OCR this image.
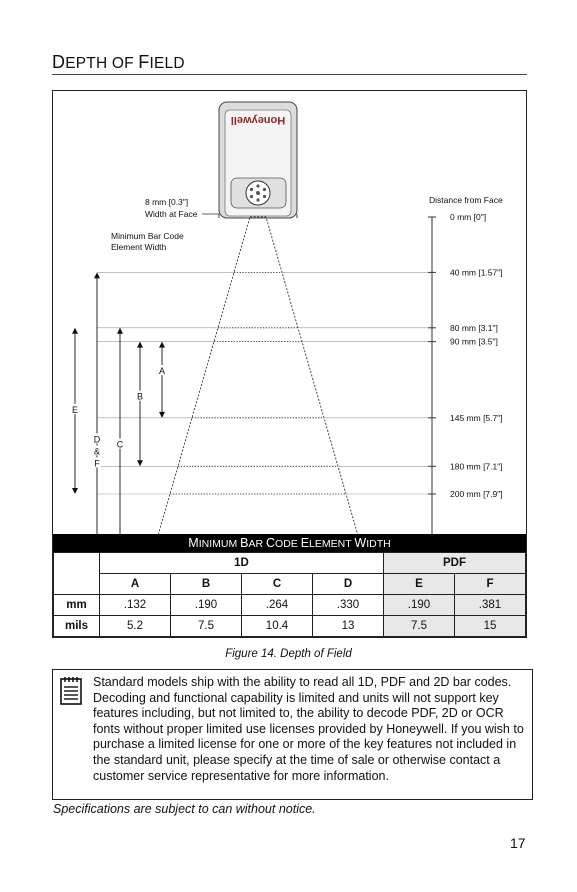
DEPTH OF FIELD
Honeywell
Distance from Face
0 mm [0"]
40 mm [1.57"]
80 mm [3.1"]
90 mm [3.5"]
145 mm [5.7"]
180 mm [7.1"]
200 mm [7.9"]
8 mm [0.3"]
Width at Face
Minimum Bar Code
Element Width
E
D
&
F
C
B
A
MINIMUM BAR CODE ELEMENT WIDTH
	1D				PDF	
	A	B	C	D	E	F
mm	.132	.190	.264	.330	.190	.381
mils	5.2	7.5	10.4	13	7.5	15
Figure 14. Depth of Field
Standard models ship with the ability to read all 1D, PDF and 2D bar codes. Decoding and functional capability is limited and units will not support key features including, but not limited to, the ability to decode PDF, 2D or OCR fonts without proper limited use licenses provided by Honeywell. If you wish to purchase a limited license for one or more of the key features not included in the standard unit, please specify at the time of sale or otherwise contact a customer service representative for more information.
Specifications are subject to can without notice.
17
